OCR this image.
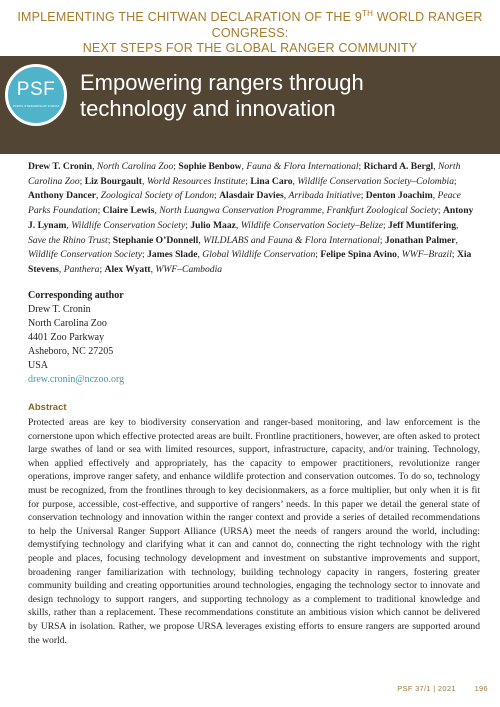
IMPLEMENTING THE CHITWAN DECLARATION OF THE 9TH WORLD RANGER CONGRESS:
NEXT STEPS FOR THE GLOBAL RANGER COMMUNITY
PSF
PARKS STEWARDSHIP FORUM
Empowering rangers through
technology and innovation
Drew T. Cronin, North Carolina Zoo; Sophie Benbow, Fauna & Flora International; Richard A. Bergl, North Carolina Zoo; Liz Bourgault, World Resources Institute; Lina Caro, Wildlife Conservation Society–Colombia; Anthony Dancer, Zoological Society of London; Alasdair Davies, Arribada Initiative; Denton Joachim, Peace Parks Foundation; Claire Lewis, North Luangwa Conservation Programme, Frankfurt Zoological Society; Antony J. Lynam, Wildlife Conservation Society; Julio Maaz, Wildlife Conservation Society–Belize; Jeff Muntifering, Save the Rhino Trust; Stephanie O’Donnell, WILDLABS and Fauna & Flora International; Jonathan Palmer, Wildlife Conservation Society; James Slade, Global Wildlife Conservation; Felipe Spina Avino, WWF–Brazil; Xia Stevens, Panthera; Alex Wyatt, WWF–Cambodia
Corresponding author
Drew T. Cronin
North Carolina Zoo
4401 Zoo Parkway
Asheboro, NC 27205
USA
drew.cronin@nczoo.org
Abstract

Protected areas are key to biodiversity conservation and ranger-based monitoring, and law enforcement is the cornerstone upon which effective protected areas are built. Frontline practitioners, however, are often asked to protect large swathes of land or sea with limited resources, support, infrastructure, capacity, and/or training. Technology, when applied effectively and appropriately, has the capacity to empower practitioners, revolutionize ranger operations, improve ranger safety, and enhance wildlife protection and conservation outcomes. To do so, technology must be recognized, from the frontlines through to key decisionmakers, as a force multiplier, but only when it is fit for purpose, accessible, cost-effective, and supportive of rangers’ needs. In this paper we detail the general state of conservation technology and innovation within the ranger context and provide a series of detailed recommendations to help the Universal Ranger Support Alliance (URSA) meet the needs of rangers around the world, including: demystifying technology and clarifying what it can and cannot do, connecting the right technology with the right people and places, focusing technology development and investment on substantive improvements and support, broadening ranger familiarization with technology, building technology capacity in rangers, fostering greater community building and creating opportunities around technologies, engaging the technology sector to innovate and design technology to support rangers, and supporting technology as a complement to traditional knowledge and skills, rather than a replacement. These recommendations constitute an ambitious vision which cannot be delivered by URSA in isolation. Rather, we propose URSA leverages existing efforts to ensure rangers are supported around the world.

PSF 37/1 | 2021	196
